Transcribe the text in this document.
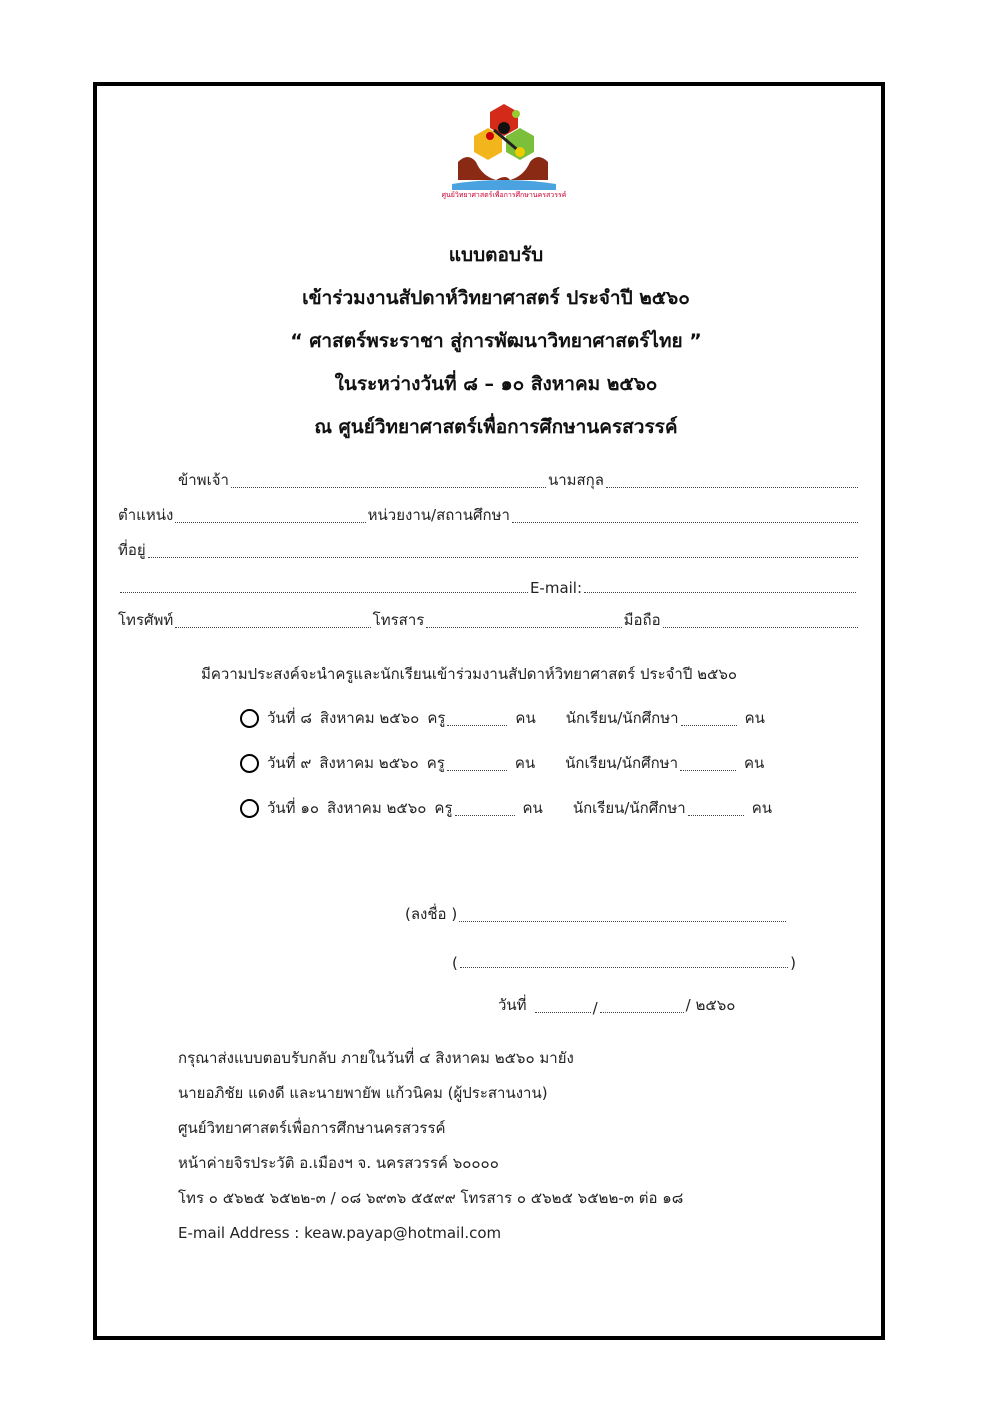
ศูนย์วิทยาศาสตร์เพื่อการศึกษานครสวรรค์
แบบตอบรับ
เข้าร่วมงานสัปดาห์วิทยาศาสตร์ ประจำปี ๒๕๖๐
“ ศาสตร์พระราชา สู่การพัฒนาวิทยาศาสตร์ไทย ”
ในระหว่างวันที่ ๘ – ๑๐ สิงหาคม ๒๕๖๐
ณ ศูนย์วิทยาศาสตร์เพื่อการศึกษานครสวรรค์
ข้าพเจ้า	นามสกุล
ตำแหน่ง	หน่วยงาน/สถานศึกษา
ที่อยู่
E-mail:
โทรศัพท์	โทรสาร	มือถือ
มีความประสงค์จะนำครูและนักเรียนเข้าร่วมงานสัปดาห์วิทยาศาสตร์ ประจำปี ๒๕๖๐
วันที่ ๘ สิงหาคม ๒๕๖๐ ครู	คน นักเรียน/นักศึกษา	คน
วันที่ ๙ สิงหาคม ๒๕๖๐ ครู	คน นักเรียน/นักศึกษา	คน
วันที่ ๑๐ สิงหาคม ๒๕๖๐ ครู	คน นักเรียน/นักศึกษา	คน
(ลงชื่อ )
(	)
วันที่	/	/ ๒๕๖๐
กรุณาส่งแบบตอบรับกลับ ภายในวันที่ ๔ สิงหาคม ๒๕๖๐ มายัง
นายอภิชัย แดงดี และนายพายัพ แก้วนิคม (ผู้ประสานงาน)
ศูนย์วิทยาศาสตร์เพื่อการศึกษานครสวรรค์
หน้าค่ายจิรประวัติ อ.เมืองฯ จ. นครสวรรค์ ๖๐๐๐๐
โทร ๐ ๕๖๒๕ ๖๕๒๒-๓ / ๐๘ ๖๙๓๖ ๕๕๙๙ โทรสาร ๐ ๕๖๒๕ ๖๕๒๒-๓ ต่อ ๑๘
E-mail Address : keaw.payap@hotmail.com
